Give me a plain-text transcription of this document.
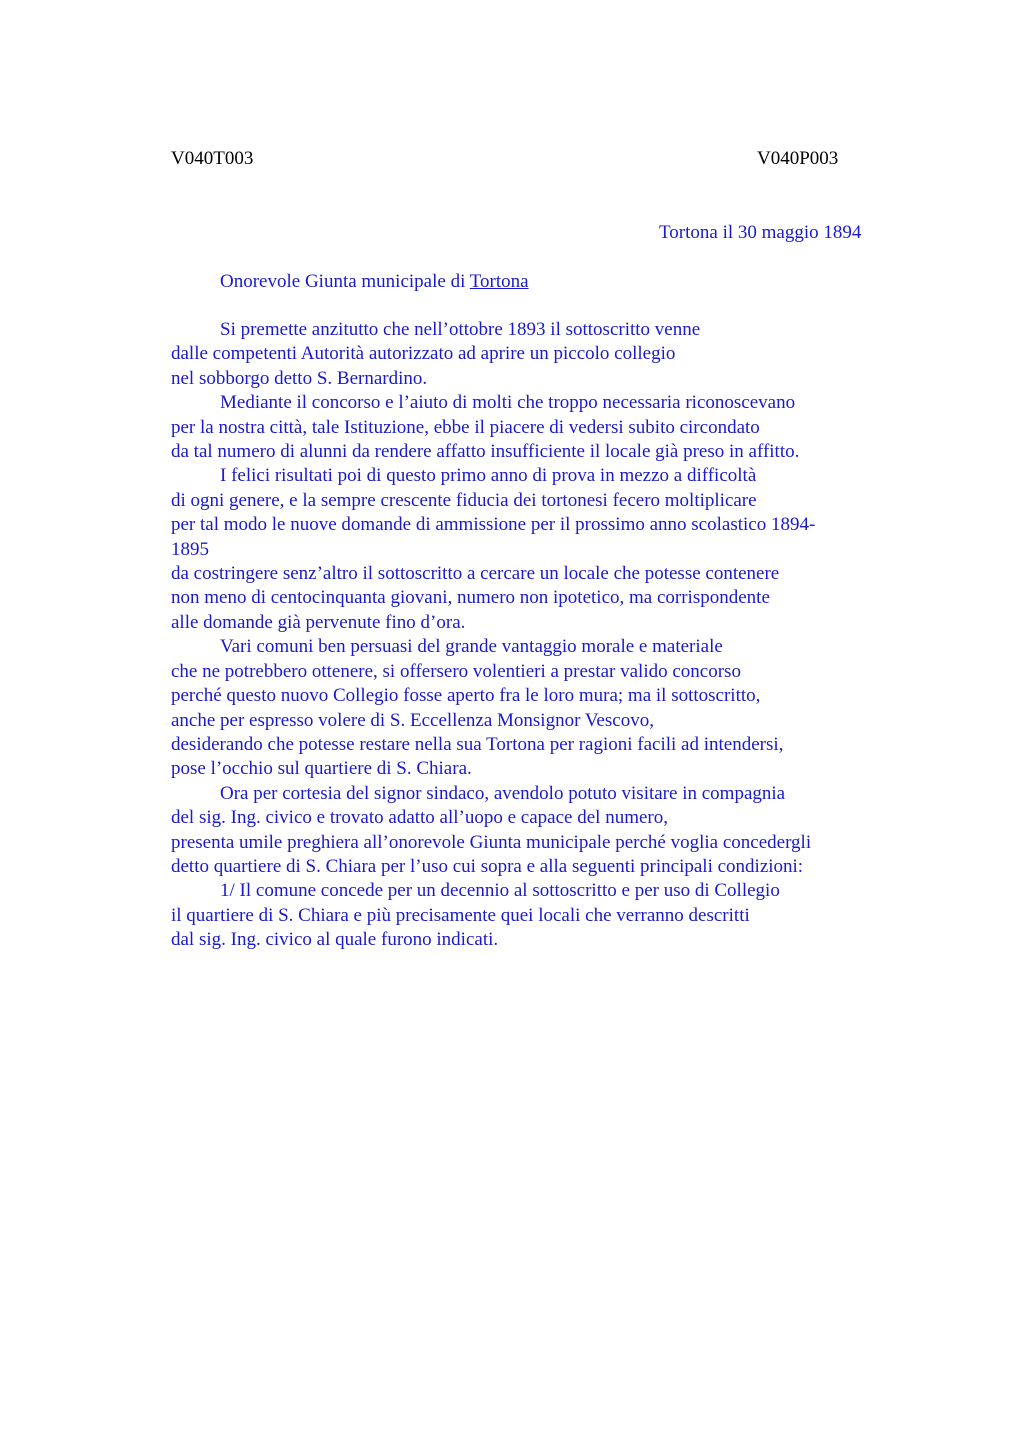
V040T003	V040P003
Tortona il 30 maggio 1894
Onorevole Giunta municipale di Tortona
Si premette anzitutto che nell’ottobre 1893 il sottoscritto venne
dalle competenti Autorità autorizzato ad aprire un piccolo collegio
nel sobborgo detto S. Bernardino.
Mediante il concorso e l’aiuto di molti che troppo necessaria riconoscevano
per la nostra città, tale Istituzione, ebbe il piacere di vedersi subito circondato
da tal numero di alunni da rendere affatto insufficiente il locale già preso in affitto.
I felici risultati poi di questo primo anno di prova in mezzo a difficoltà
di ogni genere, e la sempre crescente fiducia dei tortonesi fecero moltiplicare
per tal modo le nuove domande di ammissione per il prossimo anno scolastico 1894-
1895
da costringere senz’altro il sottoscritto a cercare un locale che potesse contenere
non meno di centocinquanta giovani, numero non ipotetico, ma corrispondente
alle domande già pervenute fino d’ora.
Vari comuni ben persuasi del grande vantaggio morale e materiale
che ne potrebbero ottenere, si offersero volentieri a prestar valido concorso
perché questo nuovo Collegio fosse aperto fra le loro mura; ma il sottoscritto,
anche per espresso volere di S. Eccellenza Monsignor Vescovo,
desiderando che potesse restare nella sua Tortona per ragioni facili ad intendersi,
pose l’occhio sul quartiere di S. Chiara.
Ora per cortesia del signor sindaco, avendolo potuto visitare in compagnia
del sig. Ing. civico e trovato adatto all’uopo e capace del numero,
presenta umile preghiera all’onorevole Giunta municipale perché voglia concedergli
detto quartiere di S. Chiara per l’uso cui sopra e alla seguenti principali condizioni:
1/ Il comune concede per un decennio al sottoscritto e per uso di Collegio
il quartiere di S. Chiara e più precisamente quei locali che verranno descritti
dal sig. Ing. civico al quale furono indicati.
